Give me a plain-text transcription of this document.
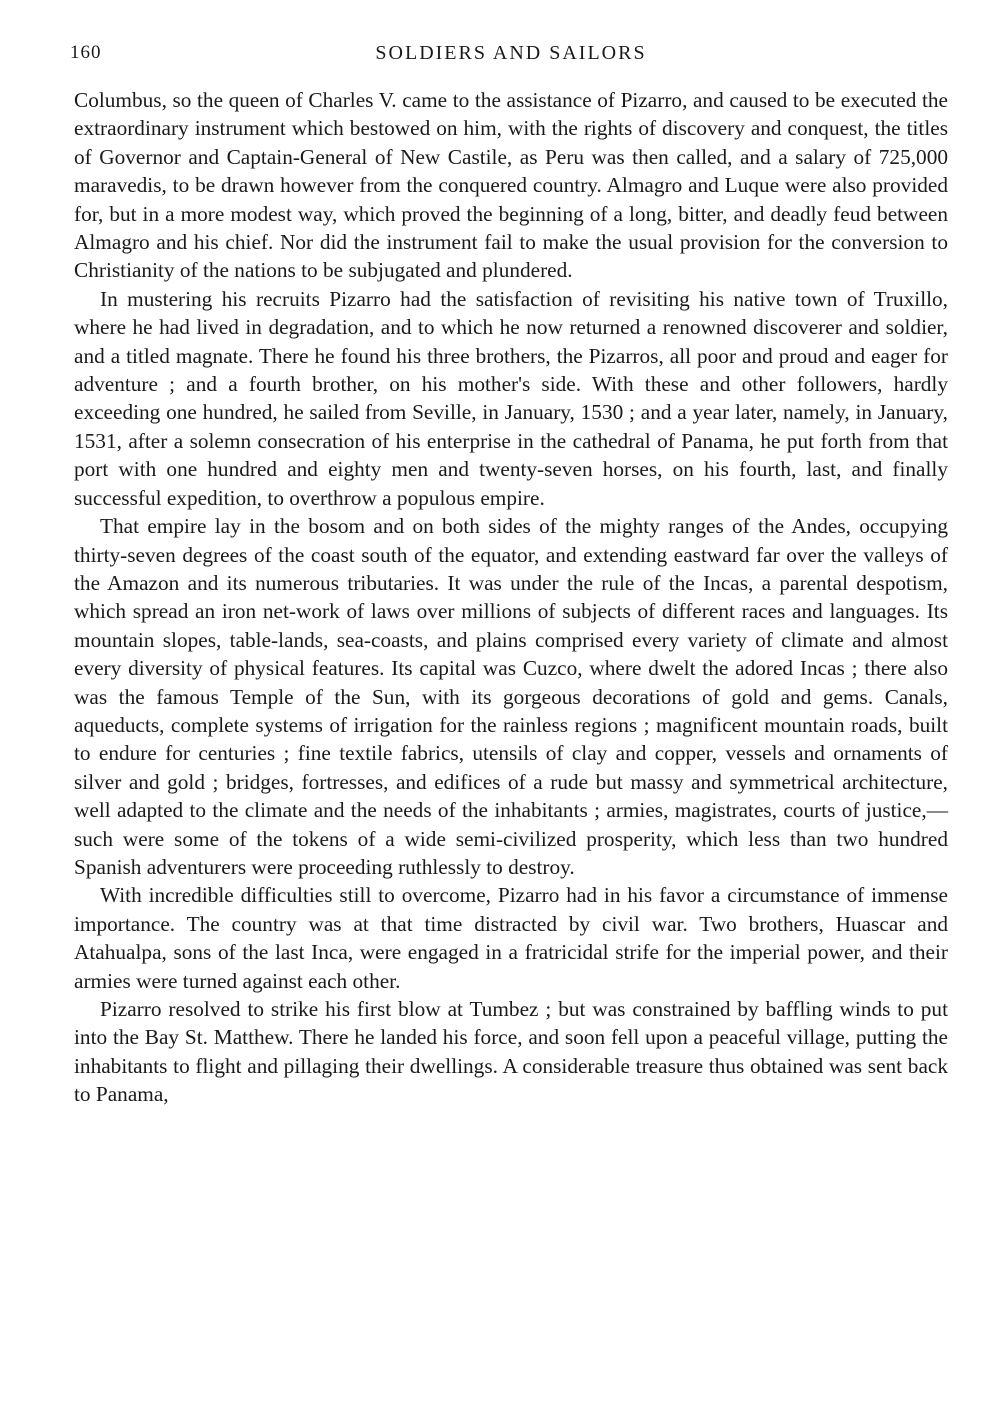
160	SOLDIERS AND SAILORS

Columbus, so the queen of Charles V. came to the assistance of Pizarro, and caused to be executed the extraordinary instrument which bestowed on him, with the rights of discovery and conquest, the titles of Governor and Captain-General of New Castile, as Peru was then called, and a salary of 725,000 maravedis, to be drawn however from the conquered country. Almagro and Luque were also provided for, but in a more modest way, which proved the beginning of a long, bitter, and deadly feud between Almagro and his chief. Nor did the instrument fail to make the usual provision for the conversion to Christianity of the nations to be subjugated and plundered.

In mustering his recruits Pizarro had the satisfaction of revisiting his native town of Truxillo, where he had lived in degradation, and to which he now returned a renowned discoverer and soldier, and a titled magnate. There he found his three brothers, the Pizarros, all poor and proud and eager for adventure ; and a fourth brother, on his mother's side. With these and other followers, hardly exceeding one hundred, he sailed from Seville, in January, 1530 ; and a year later, namely, in January, 1531, after a solemn consecration of his enterprise in the cathedral of Panama, he put forth from that port with one hundred and eighty men and twenty-seven horses, on his fourth, last, and finally successful expedition, to overthrow a populous empire.

That empire lay in the bosom and on both sides of the mighty ranges of the Andes, occupying thirty-seven degrees of the coast south of the equator, and extending eastward far over the valleys of the Amazon and its numerous tributaries. It was under the rule of the Incas, a parental despotism, which spread an iron net-work of laws over millions of subjects of different races and languages. Its mountain slopes, table-lands, sea-coasts, and plains comprised every variety of climate and almost every diversity of physical features. Its capital was Cuzco, where dwelt the adored Incas ; there also was the famous Temple of the Sun, with its gorgeous decorations of gold and gems. Canals, aqueducts, complete systems of irrigation for the rainless regions ; magnificent mountain roads, built to endure for centuries ; fine textile fabrics, utensils of clay and copper, vessels and ornaments of silver and gold ; bridges, fortresses, and edifices of a rude but massy and symmetrical architecture, well adapted to the climate and the needs of the inhabitants ; armies, magistrates, courts of justice,—such were some of the tokens of a wide semi-civilized prosperity, which less than two hundred Spanish adventurers were proceeding ruthlessly to destroy.

With incredible difficulties still to overcome, Pizarro had in his favor a circumstance of immense importance. The country was at that time distracted by civil war. Two brothers, Huascar and Atahualpa, sons of the last Inca, were engaged in a fratricidal strife for the imperial power, and their armies were turned against each other.

Pizarro resolved to strike his first blow at Tumbez ; but was constrained by baffling winds to put into the Bay St. Matthew. There he landed his force, and soon fell upon a peaceful village, putting the inhabitants to flight and pillaging their dwellings. A considerable treasure thus obtained was sent back to Panama,
